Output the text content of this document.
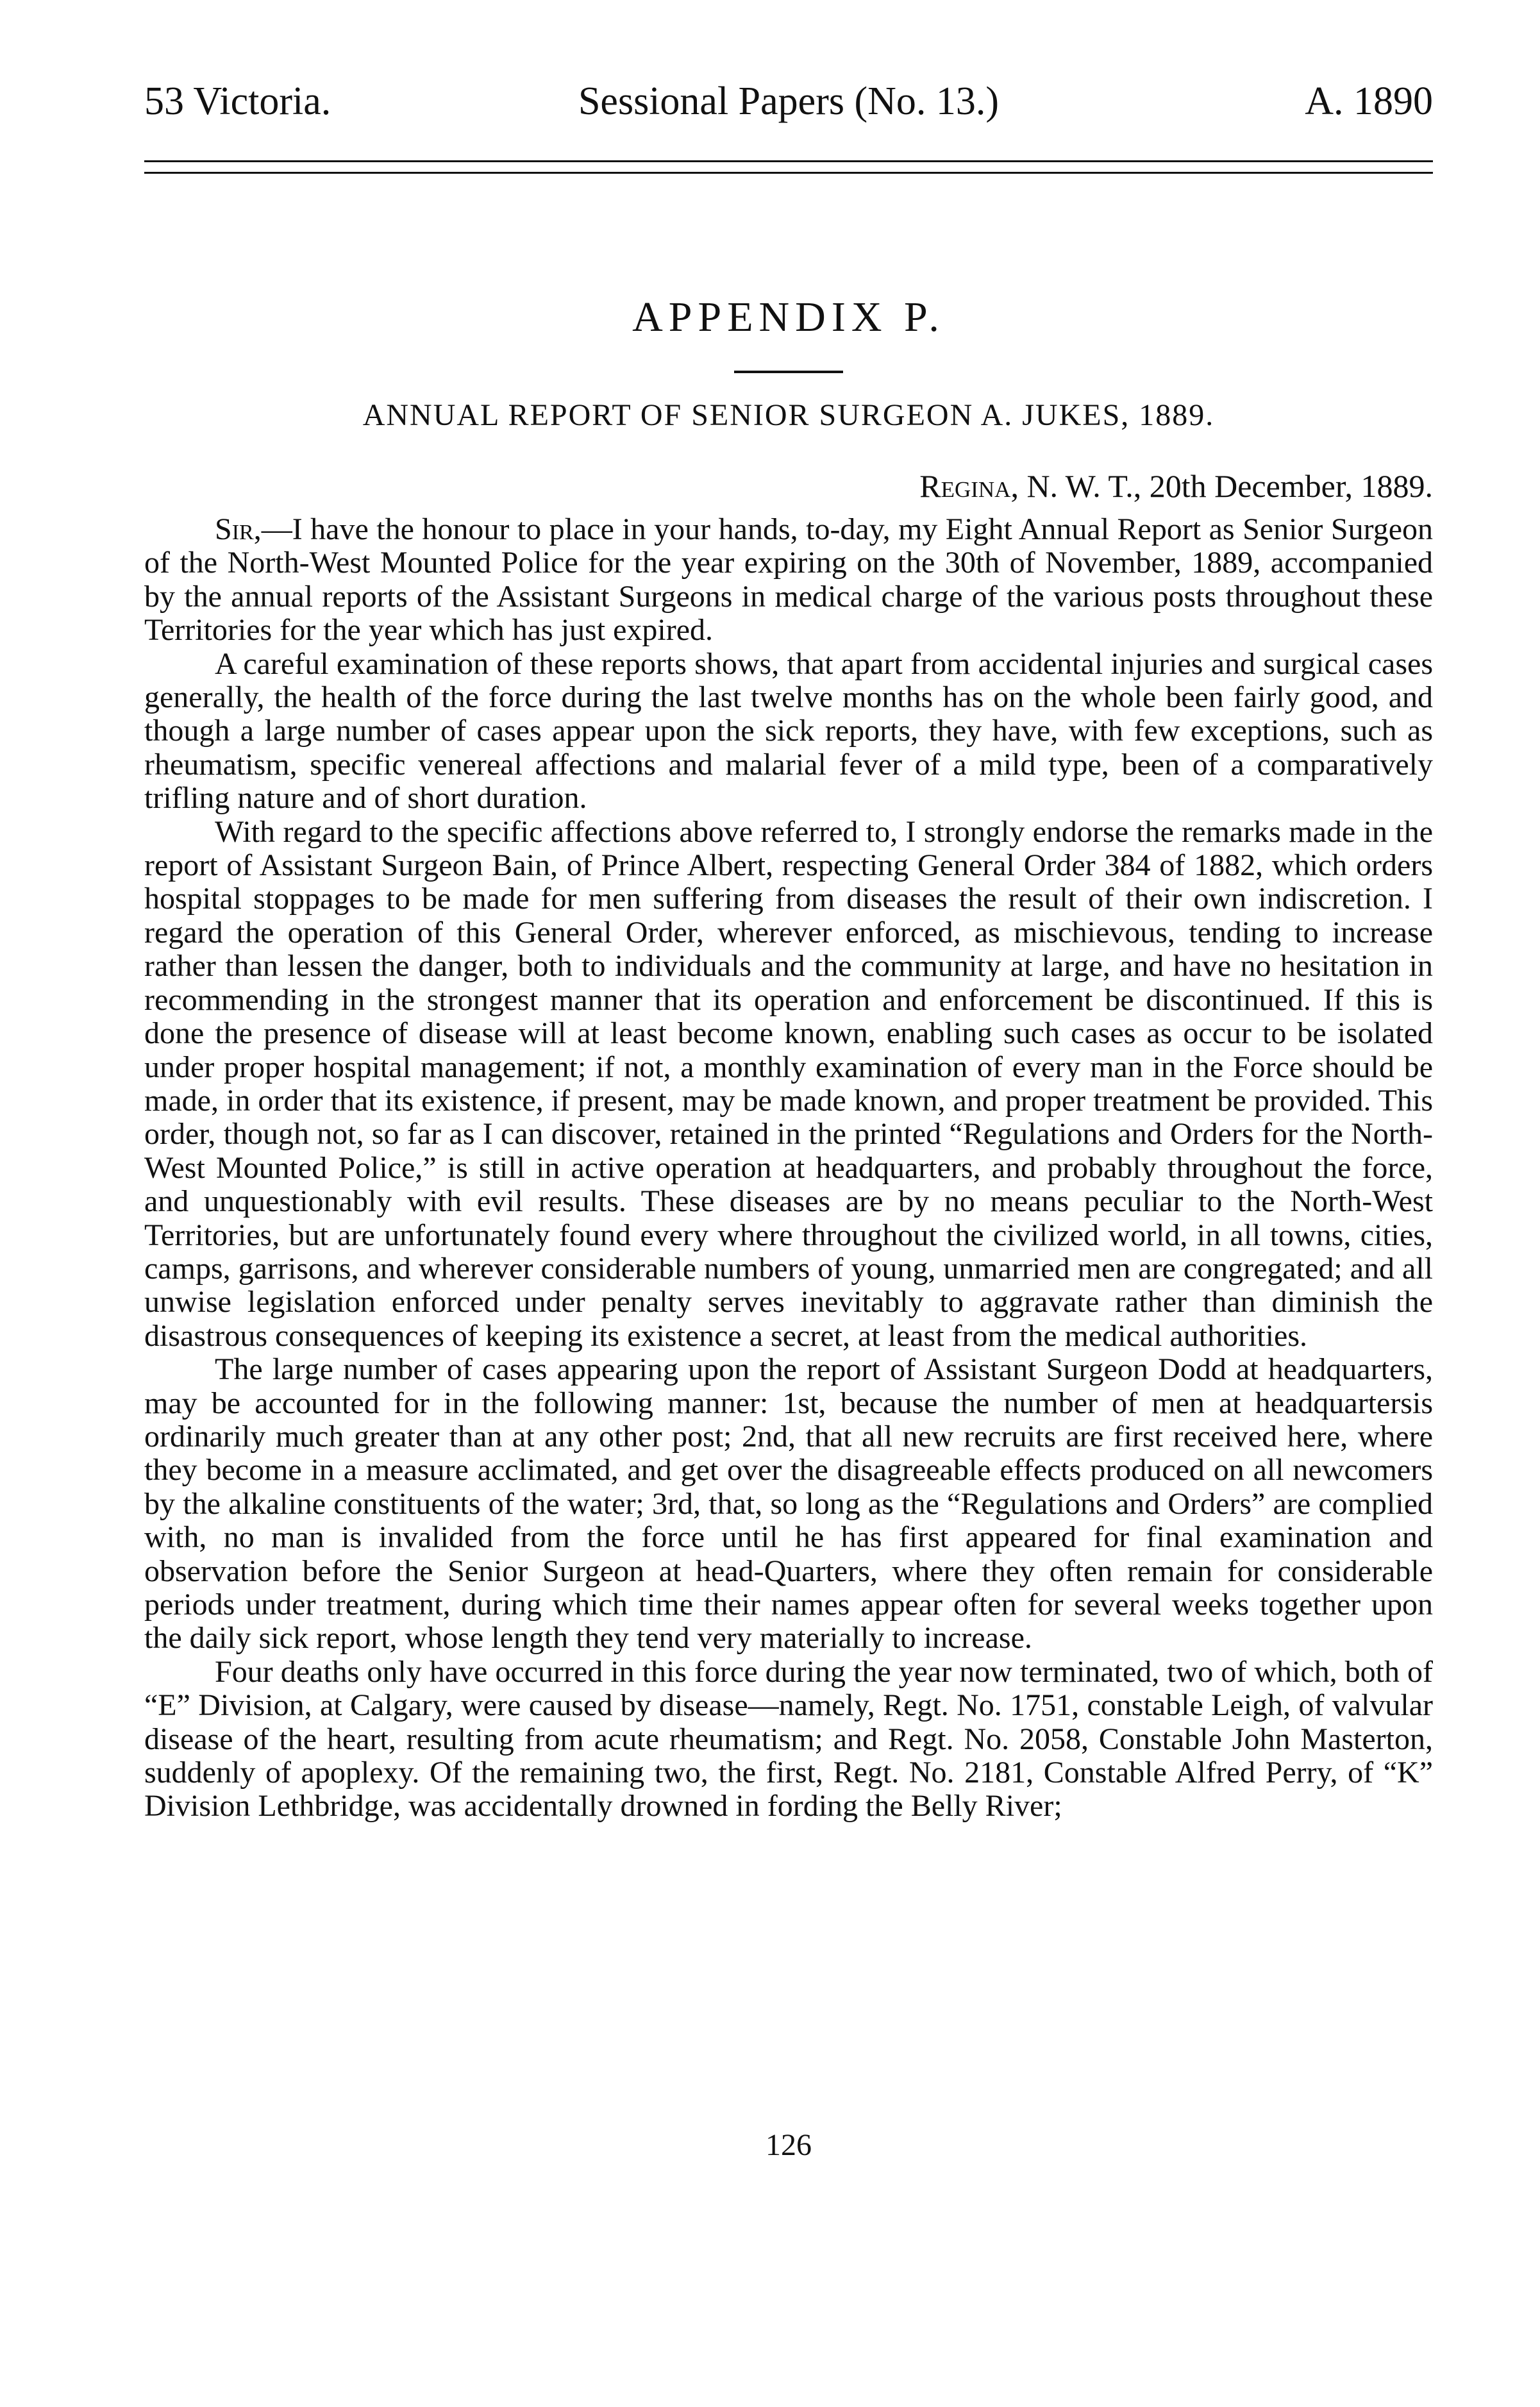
53 Victoria.	Sessional Papers (No. 13.)	A. 1890
APPENDIX P.
ANNUAL REPORT OF SENIOR SURGEON A. JUKES, 1889.
Regina, N. W. T., 20th December, 1889.

Sir,—I have the honour to place in your hands, to-day, my Eight Annual Report as Senior Surgeon of the North-West Mounted Police for the year expiring on the 30th of November, 1889, accompanied by the annual reports of the Assistant Surgeons in medical charge of the various posts throughout these Territories for the year which has just expired.

A careful examination of these reports shows, that apart from accidental injuries and surgical cases generally, the health of the force during the last twelve months has on the whole been fairly good, and though a large number of cases appear upon the sick reports, they have, with few exceptions, such as rheumatism, specific venereal affections and malarial fever of a mild type, been of a comparatively trifling nature and of short duration.

With regard to the specific affections above referred to, I strongly endorse the remarks made in the report of Assistant Surgeon Bain, of Prince Albert, respecting General Order 384 of 1882, which orders hospital stoppages to be made for men suffering from diseases the result of their own indiscretion. I regard the operation of this General Order, wherever enforced, as mischievous, tending to increase rather than lessen the danger, both to individuals and the community at large, and have no hesitation in recommending in the strongest manner that its operation and enforcement be discontinued. If this is done the presence of disease will at least become known, enabling such cases as occur to be isolated under proper hospital management; if not, a monthly examination of every man in the Force should be made, in order that its existence, if present, may be made known, and proper treatment be provided. This order, though not, so far as I can discover, retained in the printed “Regulations and Orders for the North-West Mounted Police,” is still in active operation at headquarters, and probably throughout the force, and unquestionably with evil results. These diseases are by no means peculiar to the North-West Territories, but are unfortunately found every where throughout the civilized world, in all towns, cities, camps, garrisons, and wherever considerable numbers of young, unmarried men are congregated; and all unwise legislation enforced under penalty serves inevitably to aggravate rather than diminish the disastrous consequences of keeping its existence a secret, at least from the medical authorities.

The large number of cases appearing upon the report of Assistant Surgeon Dodd at headquarters, may be accounted for in the following manner: 1st, because the number of men at headquartersis ordinarily much greater than at any other post; 2nd, that all new recruits are first received here, where they become in a measure acclimated, and get over the disagreeable effects produced on all newcomers by the alkaline constituents of the water; 3rd, that, so long as the “Regulations and Orders” are complied with, no man is invalided from the force until he has first appeared for final examination and observation before the Senior Surgeon at head-Quarters, where they often remain for considerable periods under treatment, during which time their names appear often for several weeks together upon the daily sick report, whose length they tend very materially to increase.

Four deaths only have occurred in this force during the year now terminated, two of which, both of “E” Division, at Calgary, were caused by disease—namely, Regt. No. 1751, constable Leigh, of valvular disease of the heart, resulting from acute rheumatism; and Regt. No. 2058, Constable John Masterton, suddenly of apoplexy. Of the remaining two, the first, Regt. No. 2181, Constable Alfred Perry, of “K” Division Lethbridge, was accidentally drowned in fording the Belly River;

126
